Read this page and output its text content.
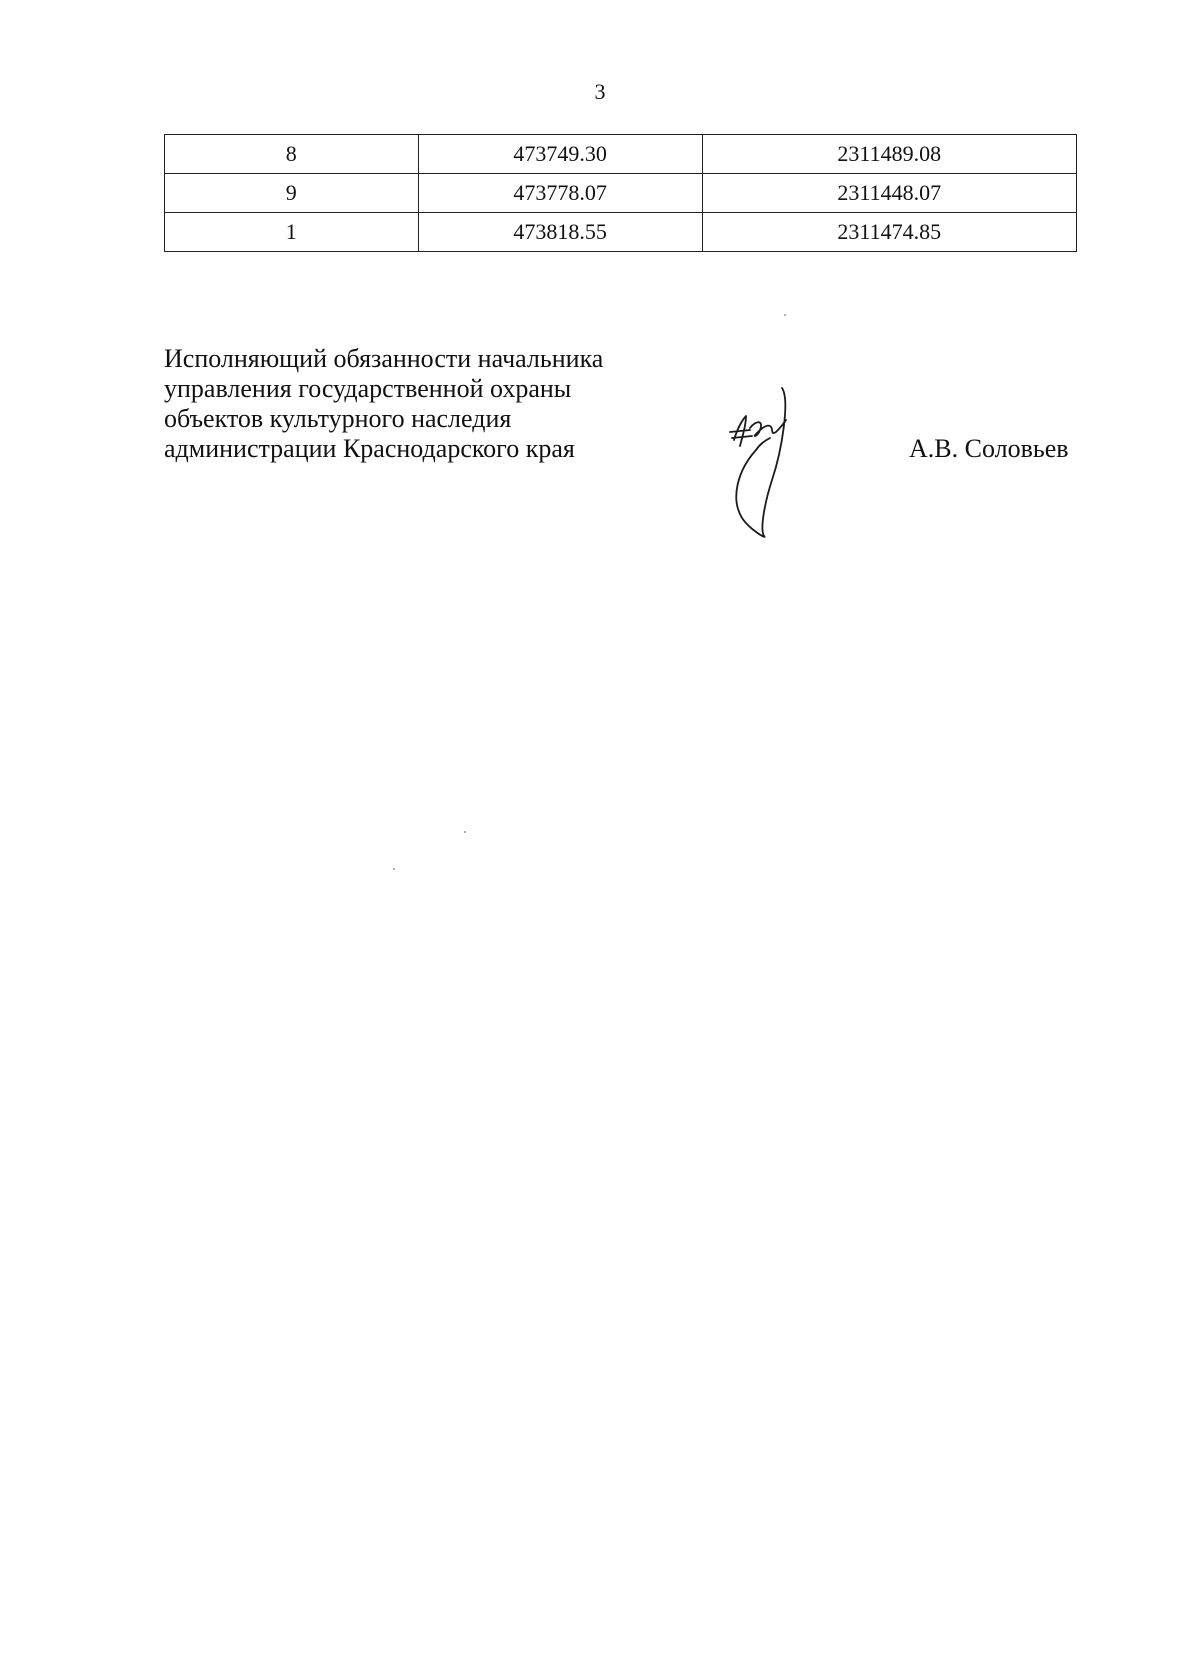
3
8	473749.30	2311489.08
9	473778.07	2311448.07
1	473818.55	2311474.85
Исполняющий обязанности начальника
управления государственной охраны
объектов культурного наследия
администрации Краснодарского края	А.В. Соловьев
